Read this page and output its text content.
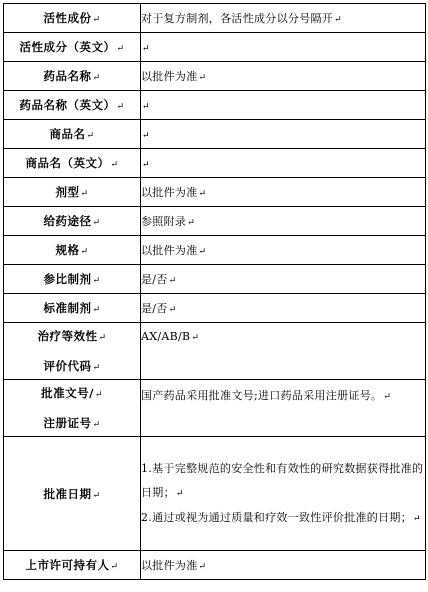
活性成份↵	对于复方制剂，各活性成分以分号隔开↵
活性成分（英文）↵	↵
药品名称↵	以批件为准↵
药品名称（英文）↵	↵
商品名↵	↵
商品名（英文）↵	↵
剂型↵	以批件为准↵
给药途径↵	参照附录↵
规格↵	以批件为准↵
参比制剂↵	是/否↵
标准制剂↵	是/否↵

治疗等效性↵
评价代码↵	AX/AB/B↵

批准文号/↵
注册证号↵	国产药品采用批准文号;进口药品采用注册证号。↵
批准日期↵	1.基于完整规范的安全性和有效性的研究数据获得批准的日期；↵
2.通过或视为通过质量和疗效一致性评价批准的日期；↵

上市许可持有人↵	以批件为准↵
